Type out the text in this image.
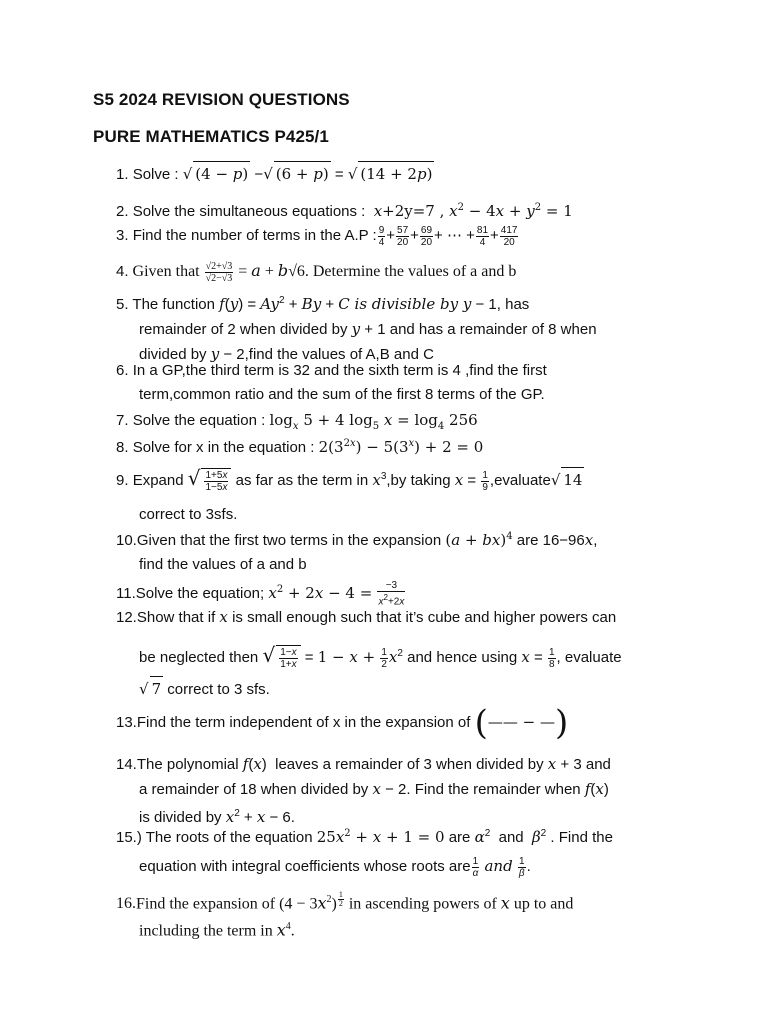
S5 2024 REVISION QUESTIONS
PURE MATHEMATICS P425/1
1. Solve : √ (4 − p) −√ (6 + p) = √ (14 + 2p)
2. Solve the simultaneous equations : x+2y=7 , $x^2 - 4x + y^2 = 1$
3. Find the number of terms in the A.P : $\frac{9}{4} + \frac{57}{20} + \frac{69}{20}$ + ⋯ + $\frac{81}{4} + \frac{417}{20}$
4. Given that $\frac{√2+√3}{√2-√3} = a + b√6$. Determine the values of a and b
5. The function $f(y) = Ay^2 + By + C$ is divisible by y − 1, has
remainder of 2 when divided by y + 1 and has a remainder of 8 when
divided by y − 2,find the values of A,B and C
6. In a GP,the third term is 32 and the sixth term is 4 ,find the first
term,common ratio and the sum of the first 8 terms of the GP.
7. Solve the equation : $\log_x 5 + 4$ $\log_5 x = \log_4 256$
8. Solve for x in the equation : $2(3^{2x}) - 5(3^x) + 2 = 0$
9. Expand √ $\frac{1+5x}{1-5x}$ as far as the term in $x^3,by$ taking $x = \frac{1}{9}$ ,evaluate√ 14
correct to 3sfs.
10.Given that the first two terms in the expansion (a + bx)$^4$ are 16−96x,
find the values of a and b
11.Solve the equation; $x^2 + 2x - 4 = \frac{-3}{x^2+2x}$
12.Show that if x is small enough such that it’s cube and higher powers can
be neglected then √ $\frac{1-x}{1+x} = 1 - x + \frac{1}{2} x^2$ and hence using $x = \frac{1}{8}$ , evaluate
√ 7 correct to 3 sfs.
13.Find the term independent of x in the expansion of (—— − —)
14.The polynomial f(x)  leaves a remainder of 3 when divided by x + 3 and
a remainder of 18 when divided by x − 2. Find the remainder when f(x)
is divided by $x^2 + x - 6$.
15.) The roots of the equation $25x^2 + x + 1 = 0$ are $\alpha^2$ and $\beta^2$ . Find the
equation with integral coefficients whose roots are $\frac{1}{\alpha}$ and $\frac{1}{\beta}$ .
16.Find the expansion of $(4 - 3x^2)$ $^{\frac{1}{2}}$ in ascending powers of x up to and
including the term in $x^4$.
